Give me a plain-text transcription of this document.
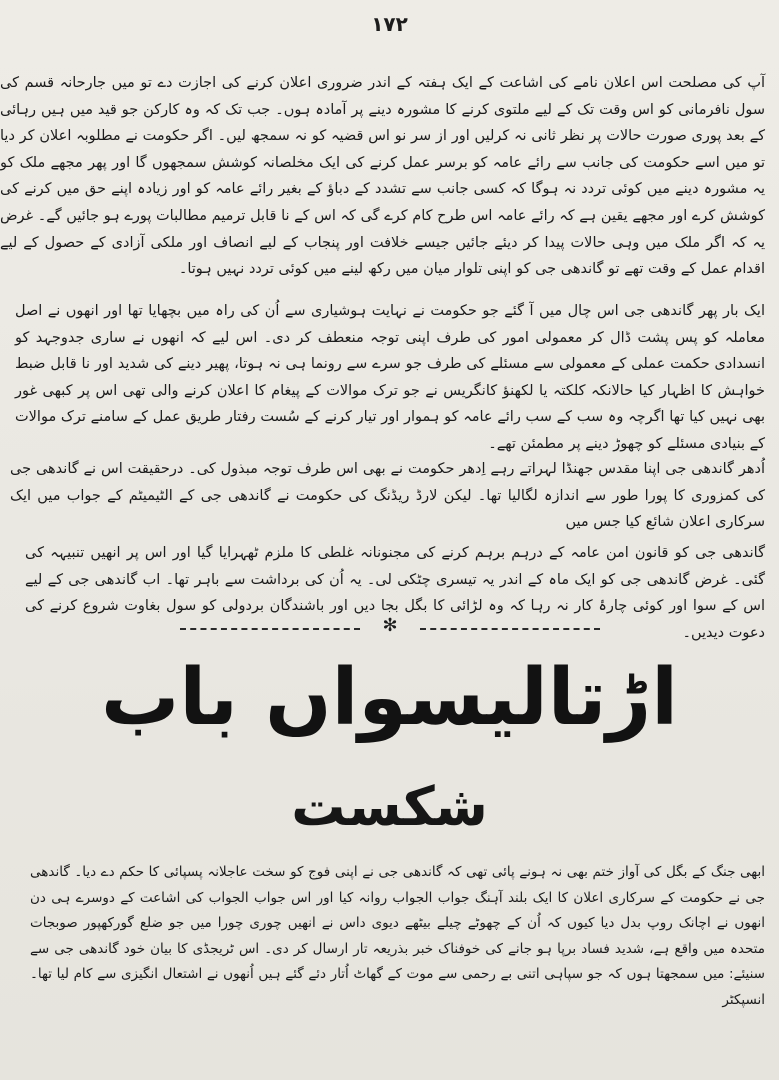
۱۷۲

آپ کی مصلحت اس اعلان نامے کی اشاعت کے ایک ہفتہ کے اندر ضروری اعلان کرنے کی اجازت دے تو میں جارحانہ قسم کی سول نافرمانی کو اس وقت تک کے لیے ملتوی کرنے کا مشورہ دینے پر آمادہ ہوں۔ جب تک کہ وہ کارکن جو قید میں ہیں رہائی کے بعد پوری صورت حالات پر نظر ثانی نہ کرلیں اور از سر نو اس قضیہ کو نہ سمجھ لیں۔ اگر حکومت نے مطلوبہ اعلان کر دیا تو میں اسے حکومت کی جانب سے رائے عامہ کو برسر عمل کرنے کی ایک مخلصانہ کوشش سمجھوں گا اور پھر مجھے ملک کو یہ مشورہ دینے میں کوئی تردد نہ ہوگا کہ کسی جانب سے تشدد کے دباؤ کے بغیر رائے عامہ کو اور زیادہ اپنے حق میں کرنے کی کوشش کرے اور مجھے یقین ہے کہ رائے عامہ اس طرح کام کرے گی کہ اس کے نا قابل ترمیم مطالبات پورے ہو جائیں گے۔ غرض یہ کہ اگر ملک میں وہی حالات پیدا کر دیئے جائیں جیسے خلافت اور پنجاب کے لیے انصاف اور ملکی آزادی کے حصول کے لیے اقدام عمل کے وقت تھے تو گاندھی جی کو اپنی تلوار میان میں رکھ لینے میں کوئی تردد نہیں ہوتا۔

ایک بار پھر گاندھی جی اس چال میں آ گئے جو حکومت نے نہایت ہوشیاری سے اُن کی راہ میں بچھایا تھا اور انھوں نے اصل معاملہ کو پس پشت ڈال کر معمولی امور کی طرف اپنی توجہ منعطف کر دی۔ اس لیے کہ انھوں نے ساری جدوجہد کو انسدادی حکمت عملی کے معمولی سے مسئلے کی طرف جو سرے سے رونما ہی نہ ہوتا، پھیر دینے کی شدید اور نا قابل ضبط خواہش کا اظہار کیا حالانکہ کلکتہ یا لکھنؤ کانگریس نے جو ترک موالات کے پیغام کا اعلان کرنے والی تھی اس پر کبھی غور بھی نہیں کیا تھا اگرچہ وہ سب کے سب رائے عامہ کو ہموار اور تیار کرنے کے سُست رفتار طریق عمل کے سامنے ترک موالات کے بنیادی مسئلے کو چھوڑ دینے پر مطمئن تھے۔

اُدھر گاندھی جی اپنا مقدس جھنڈا لہراتے رہے اِدھر حکومت نے بھی اس طرف توجہ مبذول کی۔ درحقیقت اس نے گاندھی جی کی کمزوری کا پورا طور سے اندازہ لگالیا تھا۔ لیکن لارڈ ریڈنگ کی حکومت نے گاندھی جی کے الٹیمیٹم کے جواب میں ایک سرکاری اعلان شائع کیا جس میں

گاندھی جی کو قانون امن عامہ کے درہم برہم کرنے کی مجنونانہ غلطی کا ملزم ٹھہرایا گیا اور اس پر انھیں تنبیہہ کی گئی۔ غرض گاندھی جی کو ایک ماہ کے اندر یہ تیسری چٹکی لی۔ یہ اُن کی برداشت سے باہر تھا۔ اب گاندھی جی کے لیے اس کے سوا اور کوئی چارۂ کار نہ رہا کہ وہ لڑائی کا بگل بجا دیں اور باشندگان بردولی کو سول بغاوت شروع کرنے کی دعوت دیدیں۔

✻
اڑتالیسواں باب
شکست

ابھی جنگ کے بگل کی آواز ختم بھی نہ ہونے پائی تھی کہ گاندھی جی نے اپنی فوج کو سخت عاجلانہ پسپائی کا حکم دے دیا۔ گاندھی جی نے حکومت کے سرکاری اعلان کا ایک بلند آہنگ جواب الجواب روانہ کیا اور اس جواب الجواب کی اشاعت کے دوسرے ہی دن انھوں نے اچانک روپ بدل دیا کیوں کہ اُن کے چھوٹے چیلے بیٹھے دیوی داس نے انھیں چوری چورا میں جو ضلع گورکھپور صوبجات متحدہ میں واقع ہے، شدید فساد برپا ہو جانے کی خوفناک خبر بذریعہ تار ارسال کر دی۔ اس ٹریجڈی کا بیان خود گاندھی جی سے سنیئے: میں سمجھتا ہوں کہ جو سپاہی اتنی بے رحمی سے موت کے گھاٹ اُتار دئے گئے ہیں اُنھوں نے اشتعال انگیزی سے کام لیا تھا۔ انسپکٹر
